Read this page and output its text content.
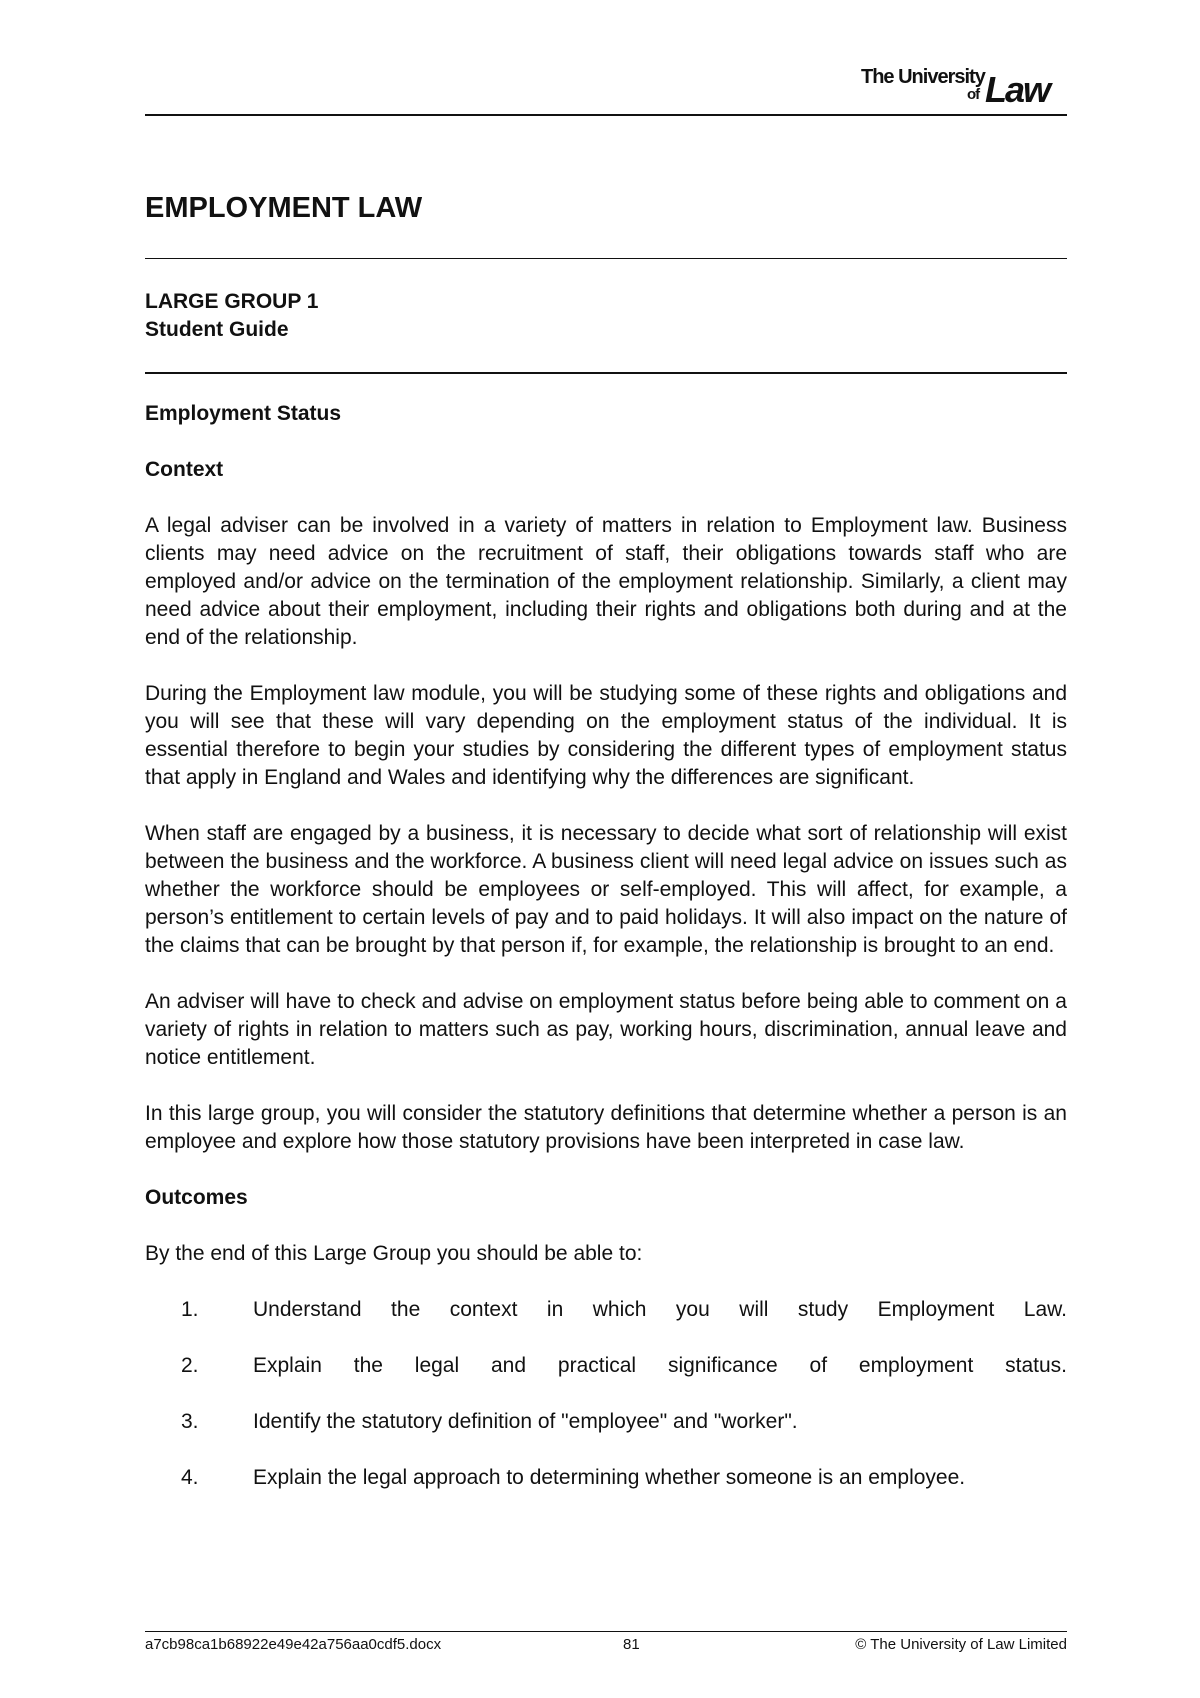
The University
of Law
EMPLOYMENT LAW

LARGE GROUP 1

Student Guide

Employment Status
Context

A legal adviser can be involved in a variety of matters in relation to Employment law. Business clients may need advice on the recruitment of staff, their obligations towards staff who are employed and/or advice on the termination of the employment relationship. Similarly, a client may need advice about their employment, including their rights and obligations both during and at the end of the relationship.

During the Employment law module, you will be studying some of these rights and obligations and you will see that these will vary depending on the employment status of the individual. It is essential therefore to begin your studies by considering the different types of employment status that apply in England and Wales and identifying why the differences are significant.

When staff are engaged by a business, it is necessary to decide what sort of relationship will exist between the business and the workforce. A business client will need legal advice on issues such as whether the workforce should be employees or self-employed. This will affect, for example, a person’s entitlement to certain levels of pay and to paid holidays. It will also impact on the nature of the claims that can be brought by that person if, for example, the relationship is brought to an end.

An adviser will have to check and advise on employment status before being able to comment on a variety of rights in relation to matters such as pay, working hours, discrimination, annual leave and notice entitlement.

In this large group, you will consider the statutory definitions that determine whether a person is an employee and explore how those statutory provisions have been interpreted in case law.

Outcomes

By the end of this Large Group you should be able to:

1.	Understand the context in which you will study Employment Law.
2.	Explain the legal and practical significance of employment status.
3.	Identify the statutory definition of "employee" and "worker".
4.	Explain the legal approach to determining whether someone is an employee.
a7cb98ca1b68922e49e42a756aa0cdf5.docx	81	© The University of Law Limited
